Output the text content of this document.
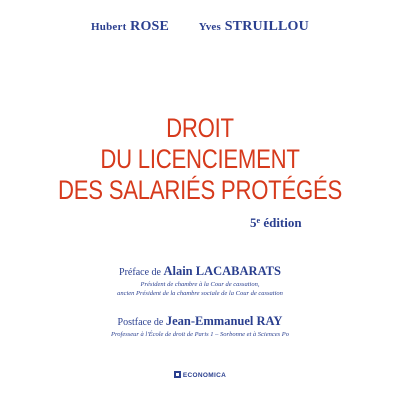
Hubert ROSE	Yves STRUILLOU
DROIT
DU LICENCIEMENT
DES SALARIÉS PROTÉGÉS
5e édition
Préface de Alain LACABARATS
Président de chambre à la Cour de cassation,
ancien Président de la chambre sociale de la Cour de cassation
Postface de Jean-Emmanuel RAY
Professeur à l'École de droit de Paris 1 – Sorbonne et à Sciences Po
ECONOMICA
